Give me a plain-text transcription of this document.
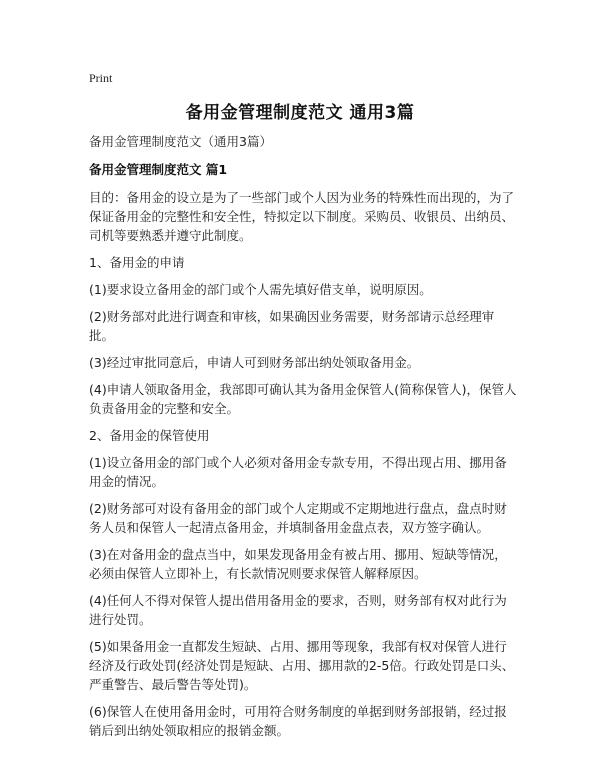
Print
备用金管理制度范文 通用3篇

备用金管理制度范文（通用3篇）

备用金管理制度范文 篇1

目的：备用金的设立是为了一些部门或个人因为业务的特殊性而出现的，为了保证备用金的完整性和安全性，特拟定以下制度。采购员、收银员、出纳员、司机等要熟悉并遵守此制度。

1、备用金的申请

(1)要求设立备用金的部门或个人需先填好借支单，说明原因。

(2)财务部对此进行调查和审核，如果确因业务需要，财务部请示总经理审批。

(3)经过审批同意后，申请人可到财务部出纳处领取备用金。

(4)申请人领取备用金，我部即可确认其为备用金保管人(简称保管人)，保管人负责备用金的完整和安全。

2、备用金的保管使用

(1)设立备用金的部门或个人必须对备用金专款专用，不得出现占用、挪用备用金的情况。

(2)财务部可对设有备用金的部门或个人定期或不定期地进行盘点，盘点时财务人员和保管人一起清点备用金，并填制备用金盘点表，双方签字确认。

(3)在对备用金的盘点当中，如果发现备用金有被占用、挪用、短缺等情况，必须由保管人立即补上，有长款情况则要求保管人解释原因。

(4)任何人不得对保管人提出借用备用金的要求，否则，财务部有权对此行为进行处罚。

(5)如果备用金一直都发生短缺、占用、挪用等现象，我部有权对保管人进行经济及行政处罚(经济处罚是短缺、占用、挪用款的2-5倍。行政处罚是口头、严重警告、最后警告等处罚)。

(6)保管人在使用备用金时，可用符合财务制度的单据到财务部报销，经过报销后到出纳处领取相应的报销金额。
